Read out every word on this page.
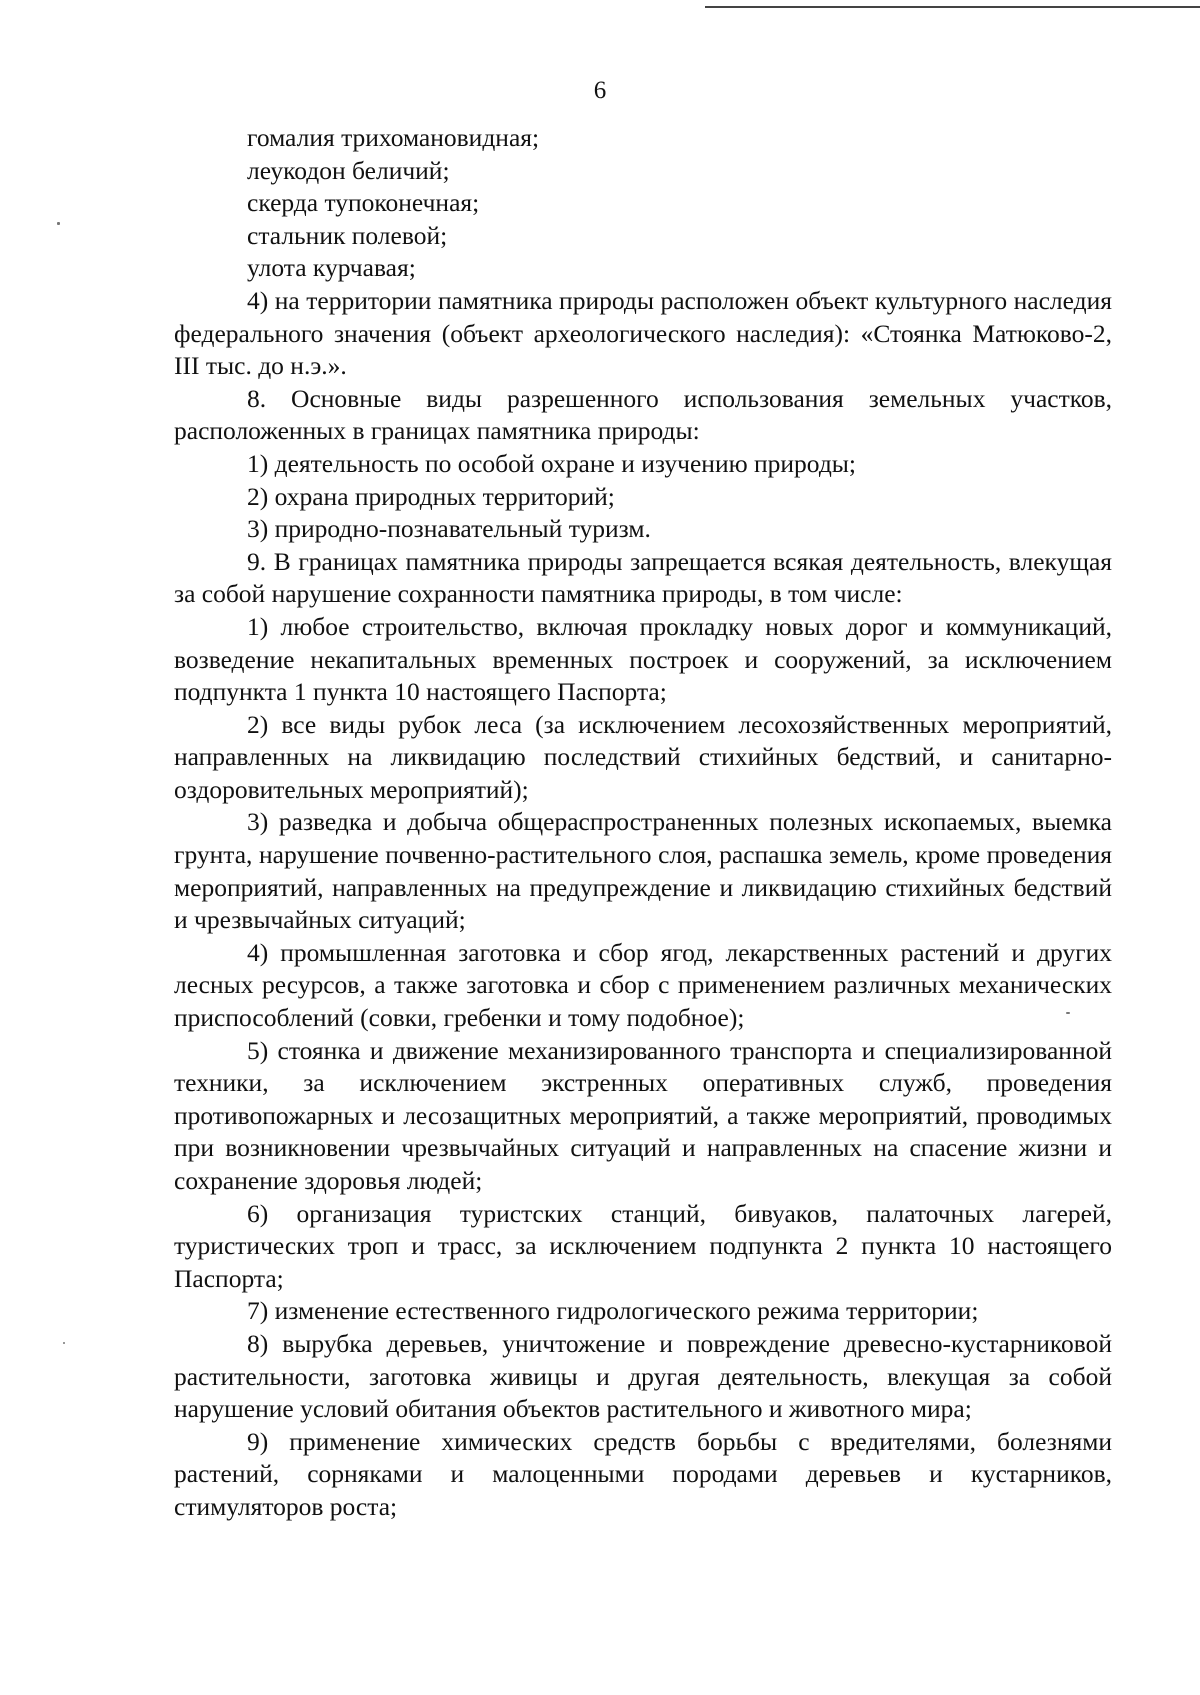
6

гомалия трихомановидная;

леукодон беличий;

скерда тупоконечная;

стальник полевой;

улота курчавая;

4) на территории памятника природы расположен объект культурного наследия федерального значения (объект археологического наследия): «Стоянка Матюково-2, III тыс. до н.э.».

8. Основные виды разрешенного использования земельных участков, расположенных в границах памятника природы:

1) деятельность по особой охране и изучению природы;

2) охрана природных территорий;

3) природно-познавательный туризм.

9. В границах памятника природы запрещается всякая деятельность, влекущая за собой нарушение сохранности памятника природы, в том числе:

1) любое строительство, включая прокладку новых дорог и коммуникаций, возведение некапитальных временных построек и сооружений, за исключением подпункта 1 пункта 10 настоящего Паспорта;

2) все виды рубок леса (за исключением лесохозяйственных мероприятий, направленных на ликвидацию последствий стихийных бедствий, и санитарно-оздоровительных мероприятий);

3) разведка и добыча общераспространенных полезных ископаемых, выемка грунта, нарушение почвенно-растительного слоя, распашка земель, кроме проведения мероприятий, направленных на предупреждение и ликвидацию стихийных бедствий и чрезвычайных ситуаций;

4) промышленная заготовка и сбор ягод, лекарственных растений и других лесных ресурсов, а также заготовка и сбор с применением различных механических приспособлений (совки, гребенки и тому подобное);

5) стоянка и движение механизированного транспорта и специализированной техники, за исключением экстренных оперативных служб, проведения противопожарных и лесозащитных мероприятий, а также мероприятий, проводимых при возникновении чрезвычайных ситуаций и направленных на спасение жизни и сохранение здоровья людей;

6) организация туристских станций, бивуаков, палаточных лагерей, туристических троп и трасс, за исключением подпункта 2 пункта 10 настоящего Паспорта;

7) изменение естественного гидрологического режима территории;

8) вырубка деревьев, уничтожение и повреждение древесно-кустарниковой растительности, заготовка живицы и другая деятельность, влекущая за собой нарушение условий обитания объектов растительного и животного мира;

9) применение химических средств борьбы с вредителями, болезнями растений, сорняками и малоценными породами деревьев и кустарников, стимуляторов роста;
